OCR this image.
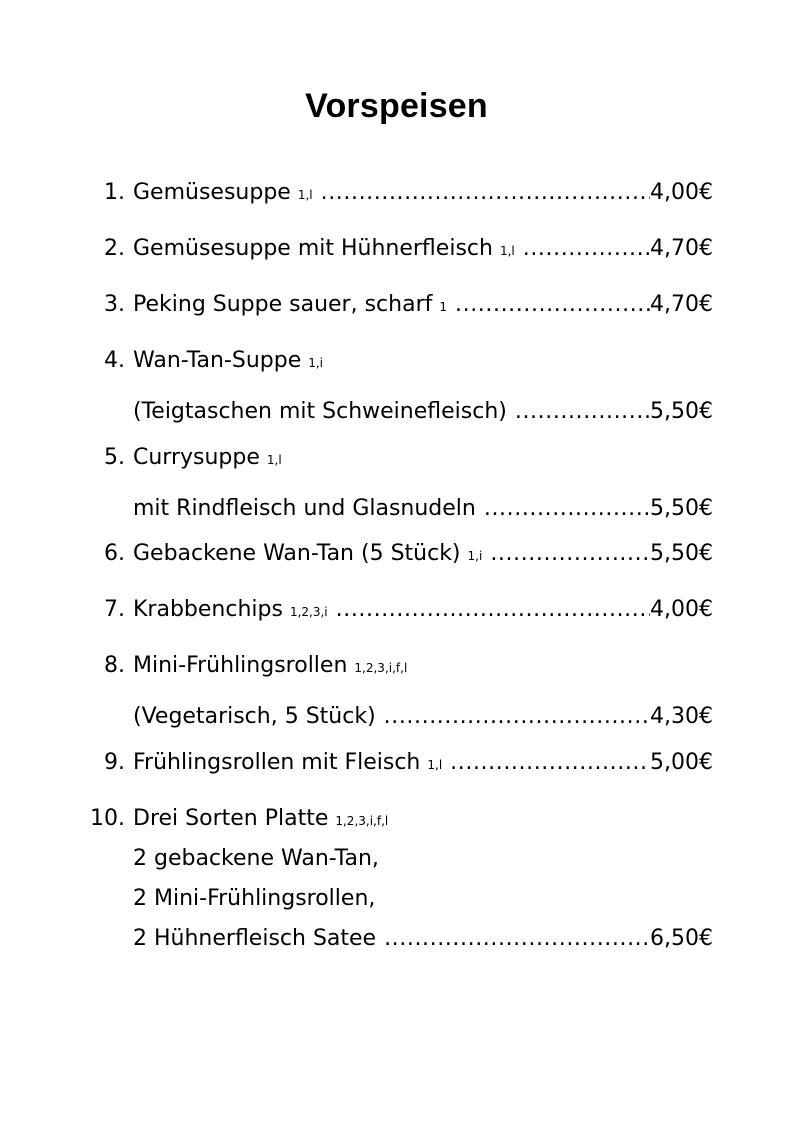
Vorspeisen
1. Gemüsesuppe 1,l .....	4,00€
2. Gemüsesuppe mit Hühnerfleisch 1,l .....	4,70€
3. Peking Suppe sauer, scharf 1 .....	4,70€
4. Wan-Tan-Suppe 1,i
(Teigtaschen mit Schweinefleisch) .....	5,50€
5. Currysuppe 1,l
mit Rindfleisch und Glasnudeln .....	5,50€
6. Gebackene Wan-Tan (5 Stück) 1,i .....	5,50€
7. Krabbenchips 1,2,3,i .....	4,00€
8. Mini-Frühlingsrollen 1,2,3,i,f,l
(Vegetarisch, 5 Stück) .....	4,30€
9. Frühlingsrollen mit Fleisch 1,l .....	5,00€
10. Drei Sorten Platte 1,2,3,i,f,l
2 gebackene Wan-Tan,
2 Mini-Frühlingsrollen,
2 Hühnerfleisch Satee .....	6,50€
